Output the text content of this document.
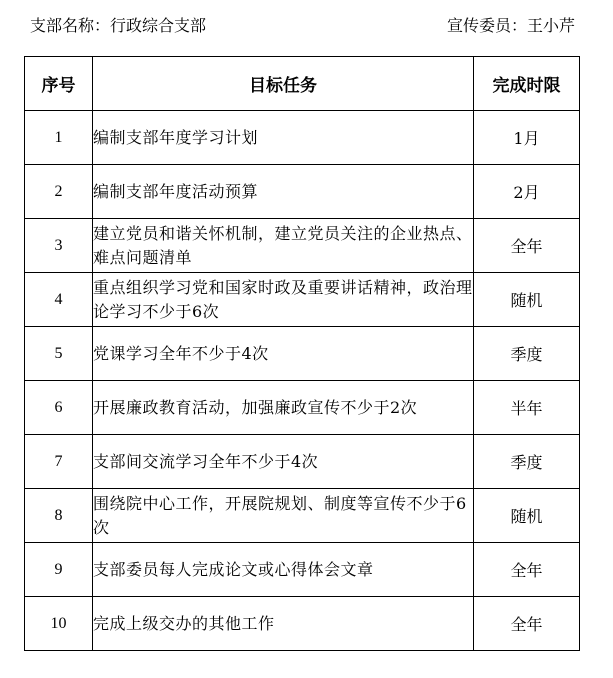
支部名称：行政综合支部	宣传委员：王小芹
序号	目标任务	完成时限
1	编制支部年度学习计划	1月
2	编制支部年度活动预算	2月
3	建立党员和谐关怀机制，建立党员关注的企业热点、难点问题清单	全年
4	重点组织学习党和国家时政及重要讲话精神，政治理论学习不少于6次	随机
5	党课学习全年不少于4次	季度
6	开展廉政教育活动，加强廉政宣传不少于2次	半年
7	支部间交流学习全年不少于4次	季度
8	围绕院中心工作，开展院规划、制度等宣传不少于6次	随机
9	支部委员每人完成论文或心得体会文章	全年
10	完成上级交办的其他工作	全年
